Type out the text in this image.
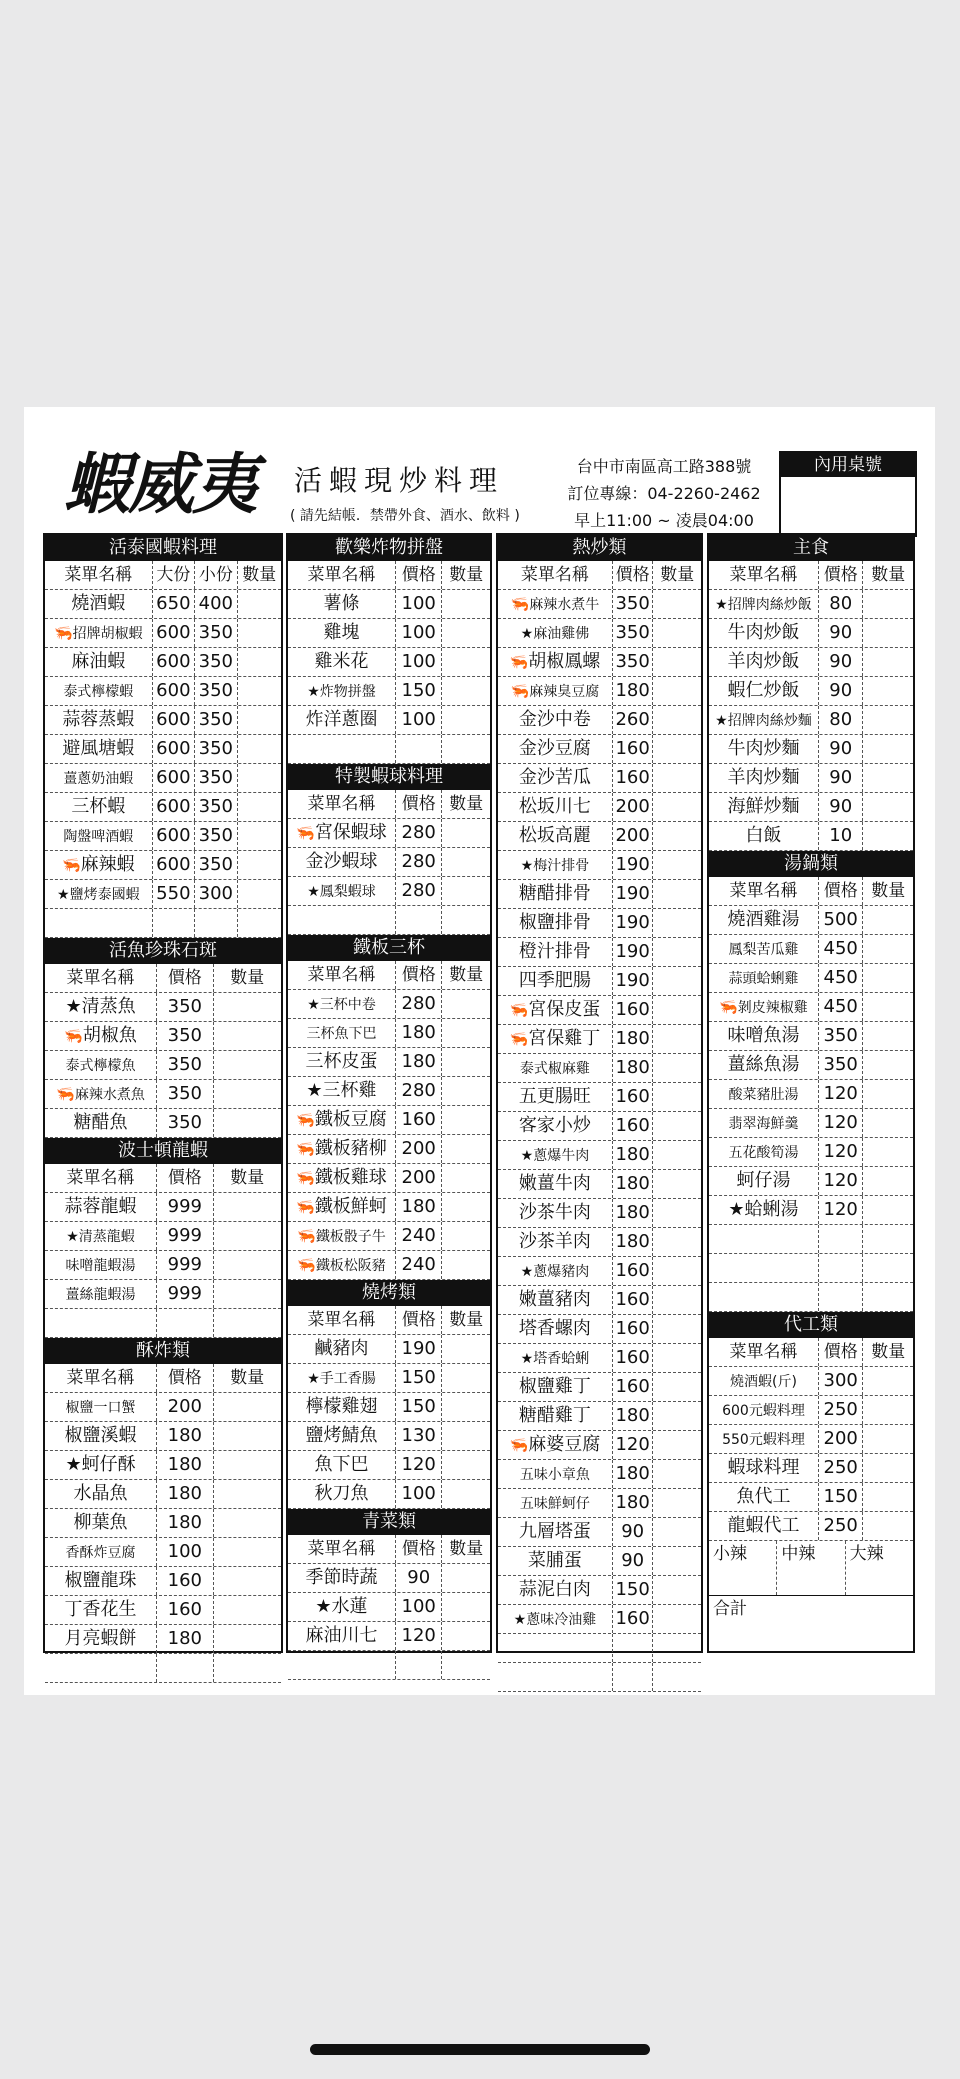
蝦威夷 活蝦現炒料理
( 請先結帳．禁帶外食、酒水、飲料 )
台中市南區高工路388號
訂位專線：04-2260-2462
早上11:00 ~ 凌晨04:00
內用桌號
活泰國蝦料理
菜單名稱	大份 小份 數量
燒酒蝦	650 400
🦐招牌胡椒蝦 600 350
麻油蝦	600 350
泰式檸檬蝦	600 350
蒜蓉蒸蝦	600 350
避風塘蝦	600 350
薑蔥奶油蝦	600 350
三杯蝦	600 350
陶盤啤酒蝦	600 350
🦐麻辣蝦	600 350
★鹽烤泰國蝦 550 300
活魚珍珠石斑
菜單名稱	價格	數量
★清蒸魚	350
🦐胡椒魚	350
泰式檸檬魚	350
🦐麻辣水煮魚	350
糖醋魚	350
波士頓龍蝦
菜單名稱	價格	數量
蒜蓉龍蝦	999
★清蒸龍蝦	999
味噌龍蝦湯	999
薑絲龍蝦湯	999
酥炸類
菜單名稱	價格	數量
椒鹽一口蟹	200
椒鹽溪蝦	180
★蚵仔酥	180
水晶魚	180
柳葉魚	180
香酥炸豆腐	100
椒鹽龍珠	160
丁香花生	160
月亮蝦餅	180
歡樂炸物拼盤
菜單名稱	價格 數量
薯條	100
雞塊	100
雞米花	100
★炸物拼盤	150
炸洋蔥圈	100
特製蝦球料理
菜單名稱	價格 數量
🦐宮保蝦球 280
金沙蝦球	280
★鳳梨蝦球	280
鐵板三杯
菜單名稱	價格 數量
★三杯中卷	280
三杯魚下巴	180
三杯皮蛋	180
★三杯雞	280
🦐鐵板豆腐 160
🦐鐵板豬柳 200
🦐鐵板雞球 200
🦐鐵板鮮蚵 180
🦐鐵板骰子牛 240
🦐鐵板松阪豬 240
燒烤類
菜單名稱	價格 數量
鹹豬肉	190
★手工香腸	150
檸檬雞翅	150
鹽烤鯖魚	130
魚下巴	120
秋刀魚	100
青菜類
菜單名稱	價格 數量
季節時蔬	90
★水蓮	100
麻油川七	120
熱炒類
菜單名稱	價格 數量
🦐麻辣水煮牛 350
★麻油雞佛	350
🦐胡椒鳳螺 350
🦐麻辣臭豆腐 180
金沙中卷	260
金沙豆腐	160
金沙苦瓜	160
松坂川七	200
松坂高麗	200
★梅汁排骨	190
糖醋排骨	190
椒鹽排骨	190
橙汁排骨	190
四季肥腸	190
🦐宮保皮蛋 160
🦐宮保雞丁 180
泰式椒麻雞	180
五更腸旺	160
客家小炒	160
★蔥爆牛肉	180
嫩薑牛肉	180
沙茶牛肉	180
沙茶羊肉	180
★蔥爆豬肉	160
嫩薑豬肉	160
塔香螺肉	160
★塔香蛤蜊	160
椒鹽雞丁	160
糖醋雞丁	180
🦐麻婆豆腐 120
五味小章魚	180
五味鮮蚵仔	180
九層塔蛋	90
菜脯蛋	90
蒜泥白肉	150
★蔥味冷油雞	160
主食
菜單名稱	價格 數量
★招牌肉絲炒飯 80
牛肉炒飯	90
羊肉炒飯	90
蝦仁炒飯	90
★招牌肉絲炒麵 80
牛肉炒麵	90
羊肉炒麵	90
海鮮炒麵	90
白飯	10
湯鍋類
菜單名稱	價格 數量
燒酒雞湯	500
鳳梨苦瓜雞	450
蒜頭蛤蜊雞	450
🦐剝皮辣椒雞 450
味噌魚湯	350
薑絲魚湯	350
酸菜豬肚湯	120
翡翠海鮮羹	120
五花酸筍湯	120
蚵仔湯	120
★蛤蜊湯	120
代工類
菜單名稱	價格 數量
燒酒蝦(斤)	300
600元蝦料理	250
550元蝦料理	200
蝦球料理	250
魚代工	150
龍蝦代工	250
小辣	中辣	大辣
合計
